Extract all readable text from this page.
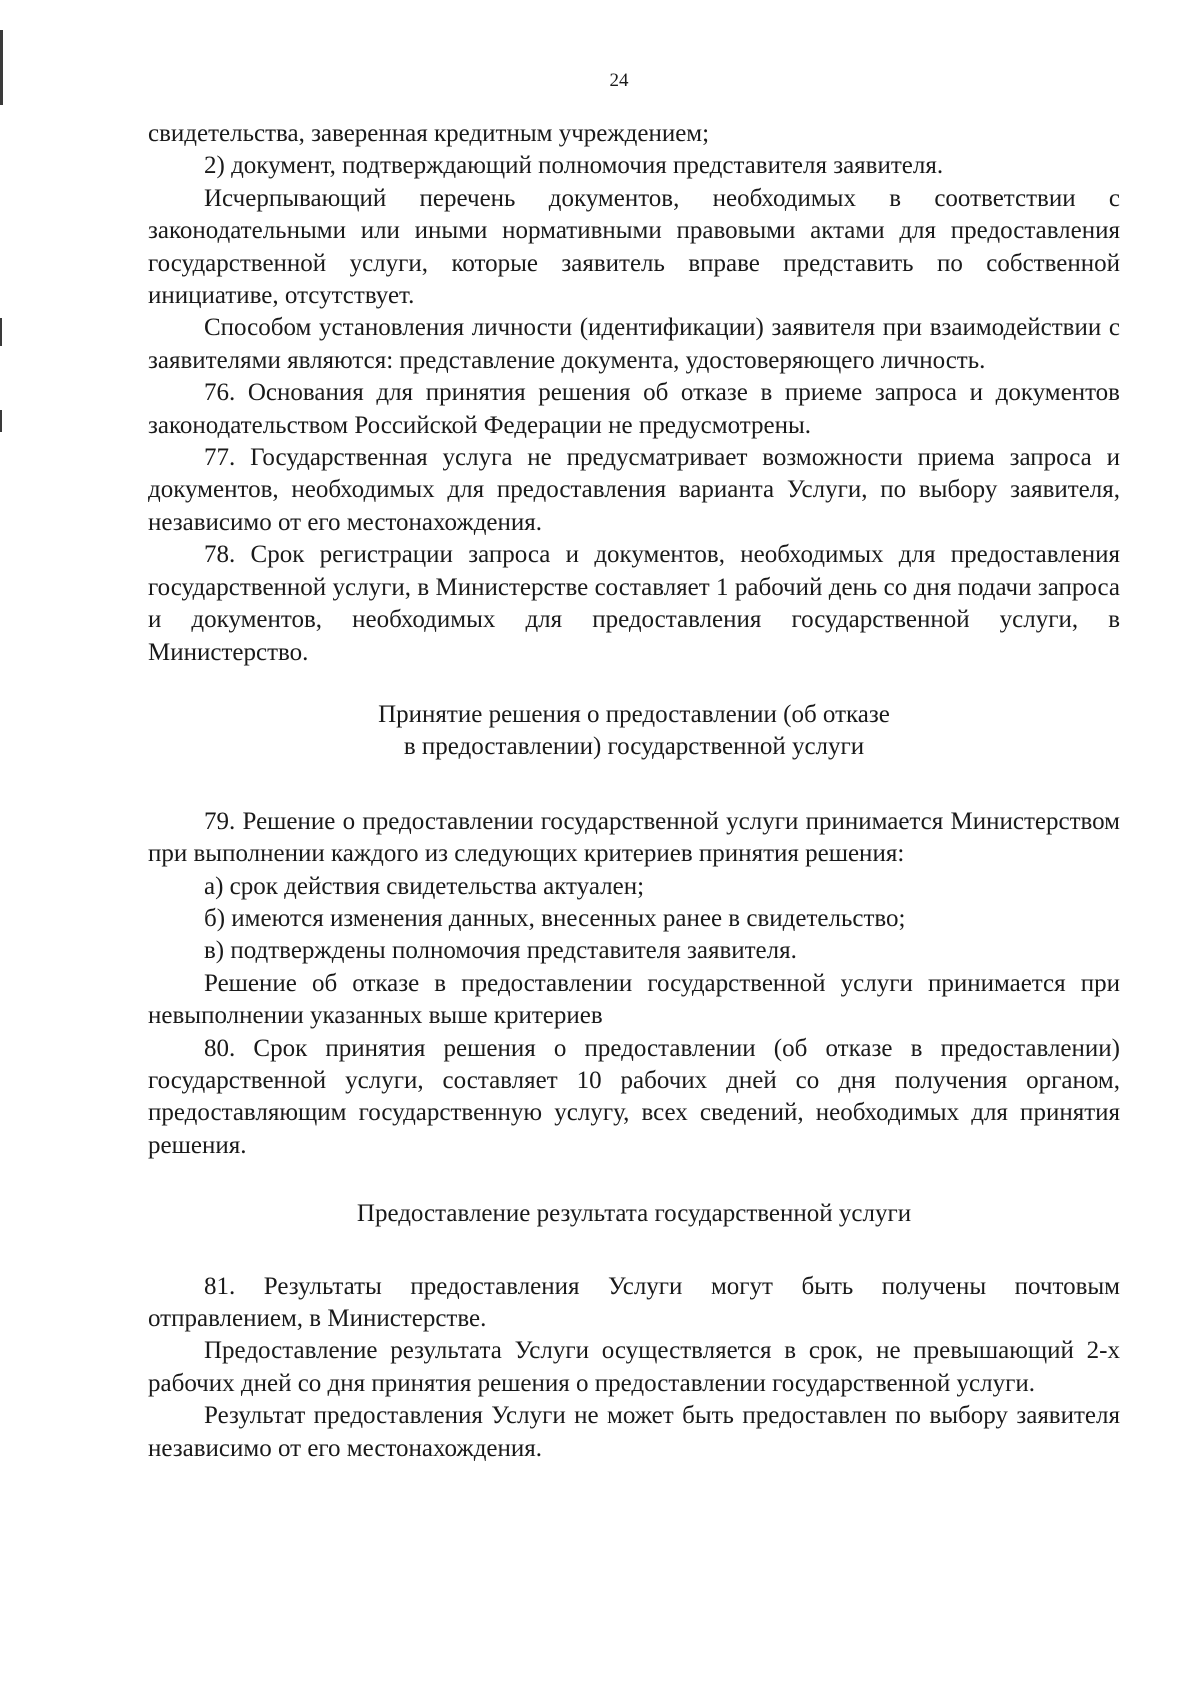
24

свидетельства, заверенная кредитным учреждением;

2) документ, подтверждающий полномочия представителя заявителя.

Исчерпывающий перечень документов, необходимых в соответствии с законодательными или иными нормативными правовыми актами для предоставления государственной услуги, которые заявитель вправе представить по собственной инициативе, отсутствует.

Способом установления личности (идентификации) заявителя при взаимодействии с заявителями являются: представление документа, удостоверяющего личность.

76. Основания для принятия решения об отказе в приеме запроса и документов законодательством Российской Федерации не предусмотрены.

77. Государственная услуга не предусматривает возможности приема запроса и документов, необходимых для предоставления варианта Услуги, по выбору заявителя, независимо от его местонахождения.

78. Срок регистрации запроса и документов, необходимых для предоставления государственной услуги, в Министерстве составляет 1 рабочий день со дня подачи запроса и документов, необходимых для предоставления государственной услуги, в Министерство.

Принятие решения о предоставлении (об отказе
в предоставлении) государственной услуги

79. Решение о предоставлении государственной услуги принимается Министерством при выполнении каждого из следующих критериев принятия решения:

а) срок действия свидетельства актуален;

б) имеются изменения данных, внесенных ранее в свидетельство;

в) подтверждены полномочия представителя заявителя.

Решение об отказе в предоставлении государственной услуги принимается при невыполнении указанных выше критериев

80. Срок принятия решения о предоставлении (об отказе в предоставлении) государственной услуги, составляет 10 рабочих дней со дня получения органом, предоставляющим государственную услугу, всех сведений, необходимых для принятия решения.

Предоставление результата государственной услуги

81. Результаты предоставления Услуги могут быть получены почтовым отправлением, в Министерстве.

Предоставление результата Услуги осуществляется в срок, не превышающий 2-х рабочих дней со дня принятия решения о предоставлении государственной услуги.

Результат предоставления Услуги не может быть предоставлен по выбору заявителя независимо от его местонахождения.
